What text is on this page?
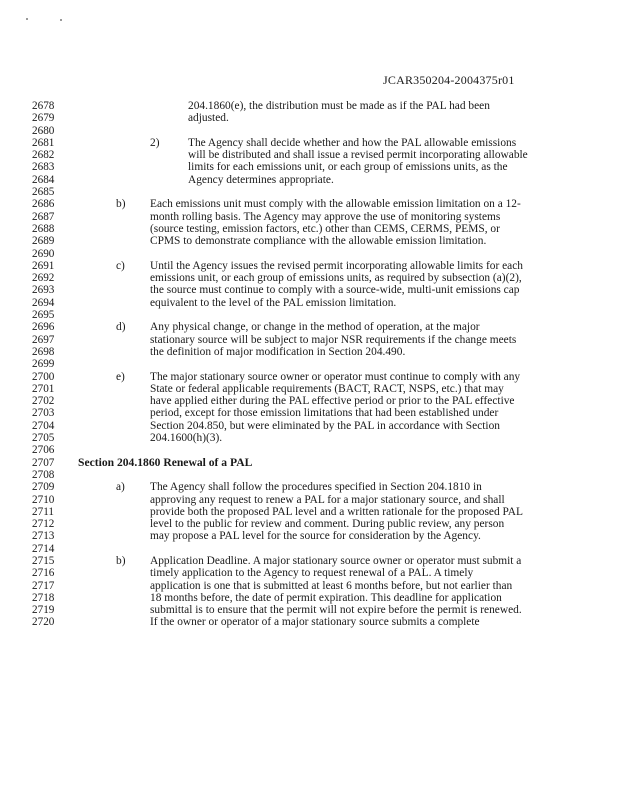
JCAR350204-2004375r01
2678	204.1860(e), the distribution must be made as if the PAL had been
2679	adjusted.
2680
2681	2)	The Agency shall decide whether and how the PAL allowable emissions
2682	will be distributed and shall issue a revised permit incorporating allowable
2683	limits for each emissions unit, or each group of emissions units, as the
2684	Agency determines appropriate.
2685
2686	b) Each emissions unit must comply with the allowable emission limitation on a 12-
2687	month rolling basis. The Agency may approve the use of monitoring systems
2688	(source testing, emission factors, etc.) other than CEMS, CERMS, PEMS, or
2689	CPMS to demonstrate compliance with the allowable emission limitation.
2690
2691	c) Until the Agency issues the revised permit incorporating allowable limits for each
2692	emissions unit, or each group of emissions units, as required by subsection (a)(2),
2693	the source must continue to comply with a source-wide, multi-unit emissions cap
2694	equivalent to the level of the PAL emission limitation.
2695
2696	d) Any physical change, or change in the method of operation, at the major
2697	stationary source will be subject to major NSR requirements if the change meets
2698	the definition of major modification in Section 204.490.
2699
2700	e) The major stationary source owner or operator must continue to comply with any
2701	State or federal applicable requirements (BACT, RACT, NSPS, etc.) that may
2702	have applied either during the PAL effective period or prior to the PAL effective
2703	period, except for those emission limitations that had been established under
2704	Section 204.850, but were eliminated by the PAL in accordance with Section
2705	204.1600(h)(3).
2706
2707 Section 204.1860 Renewal of a PAL
2708
2709	a) The Agency shall follow the procedures specified in Section 204.1810 in
2710	approving any request to renew a PAL for a major stationary source, and shall
2711	provide both the proposed PAL level and a written rationale for the proposed PAL
2712	level to the public for review and comment. During public review, any person
2713	may propose a PAL level for the source for consideration by the Agency.
2714
2715	b) Application Deadline. A major stationary source owner or operator must submit a
2716	timely application to the Agency to request renewal of a PAL. A timely
2717	application is one that is submitted at least 6 months before, but not earlier than
2718	18 months before, the date of permit expiration. This deadline for application
2719	submittal is to ensure that the permit will not expire before the permit is renewed.
2720	If the owner or operator of a major stationary source submits a complete
